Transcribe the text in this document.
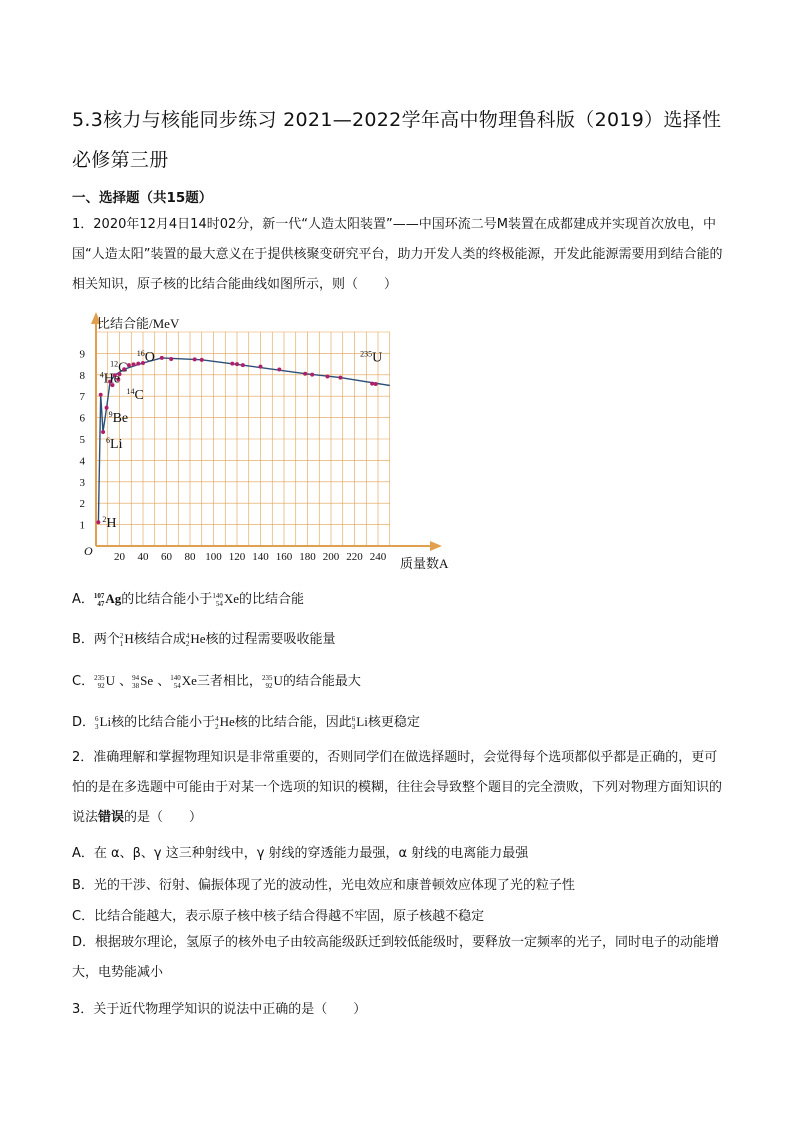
5.3核力与核能同步练习 2021—2022学年高中物理鲁科版（2019）选择性必修第三册
一、选择题（共15题）
1．2020年12月4日14时02分，新一代“人造太阳装置”——中国环流二号M装置在成都建成并实现首次放电，中国“人造太阳”装置的最大意义在于提供核聚变研究平台，助力开发人类的终极能源，开发此能源需要用到结合能的相关知识，原子核的比结合能曲线如图所示，则（　　）
比结合能/MeV
质量数A
O 20 40 60 80 100 120 140 160 180 200 220 240
1
2
3
4
5
6
7
8
9
$^4$He
$^{12}$C
$^{16}$O
$^{14}$C
$^9$Be
$^6$Li
$^2$H
$^{235}$U
A． 107
47 Ag的比结合能小于 140
54 Xe的比结合能
B．两个 2
1 H核结合成 4
2 He核的过程需要吸收能量
C． 235
92 U 、 94
38 Se 、 140
54 Xe三者相比， 235
92 U的结合能最大
D． 6
3 Li核的比结合能小于 4
2 He核的比结合能，因此 6
3 Li核更稳定
2．准确理解和掌握物理知识是非常重要的，否则同学们在做选择题时，会觉得每个选项都似乎都是正确的，更可怕的是在多选题中可能由于对某一个选项的知识的模糊，往往会导致整个题目的完全溃败，下列对物理方面知识的说法错误的是（　　）
A．在 α、β、γ 这三种射线中，γ 射线的穿透能力最强，α 射线的电离能力最强
B．光的干涉、衍射、偏振体现了光的波动性，光电效应和康普顿效应体现了光的粒子性
C．比结合能越大，表示原子核中核子结合得越不牢固，原子核越不稳定
D．根据玻尔理论，氢原子的核外电子由较高能级跃迁到较低能级时，要释放一定频率的光子，同时电子的动能增大，电势能减小
3．关于近代物理学知识的说法中正确的是（　　）
